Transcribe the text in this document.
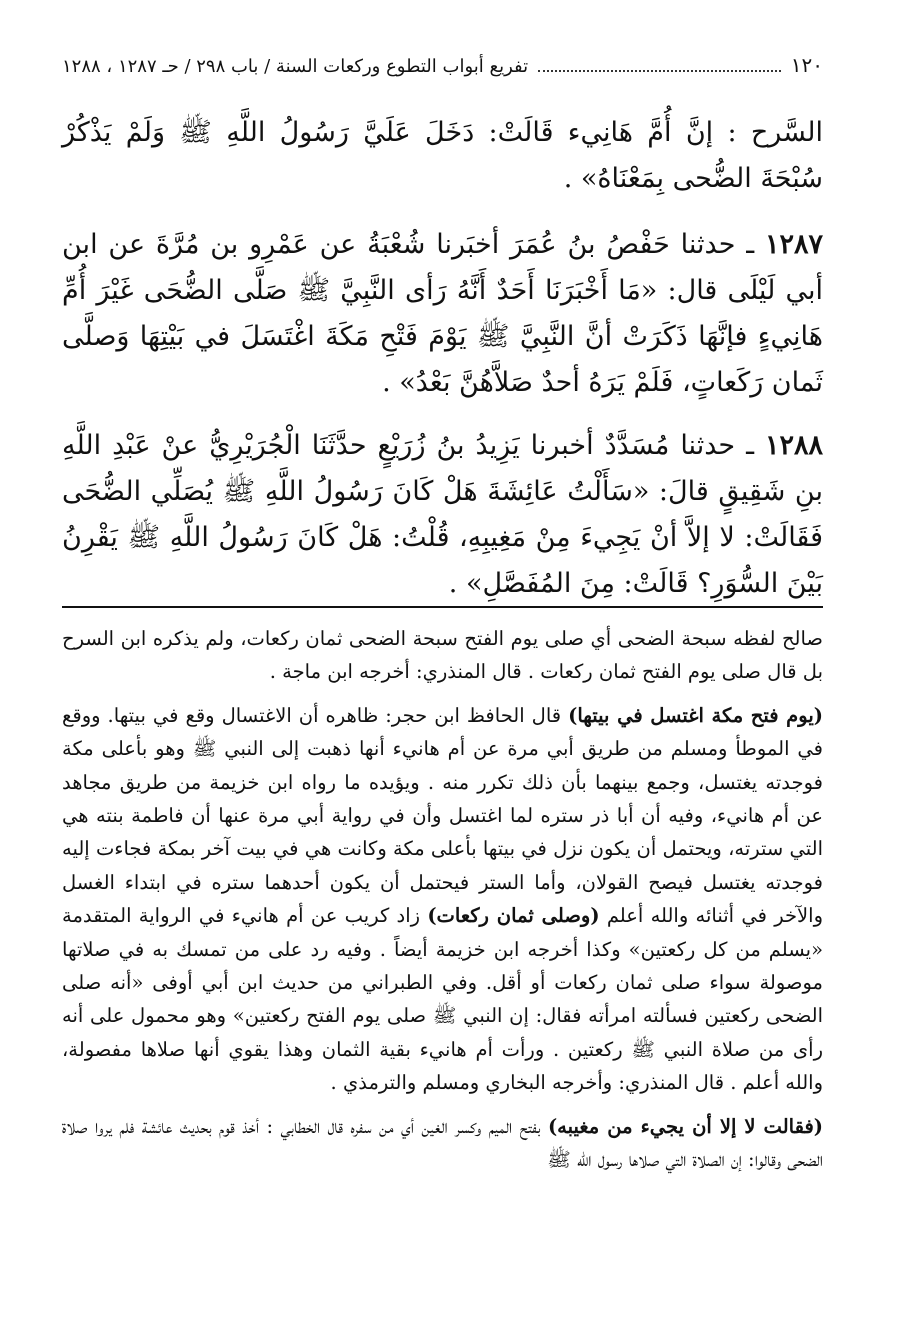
١٢٠
تفريع أبواب التطوع وركعات السنة / باب ٢٩٨ / حـ ١٢٨٧ ، ١٢٨٨
السَّرح : إنَّ أُمَّ هَانِيء قَالَتْ: دَخَلَ عَلَيَّ رَسُولُ اللَّهِ ﷺ وَلَمْ يَذْكُرْ سُبْحَةَ الضُّحى بِمَعْنَاهُ» .
١٢٨٧ ـ حدثنا حَفْصُ بنُ عُمَرَ أخبَرنا شُعْبَةُ عن عَمْرِو بن مُرَّةَ عن ابن أبي لَيْلَى قال: «مَا أَخْبَرَنَا أَحَدٌ أَنَّهُ رَأى النَّبِيَّ ﷺ صَلَّى الضُّحَى غَيْرَ أُمِّ هَانِيءٍ فإنَّهَا ذَكَرَتْ أنَّ النَّبِيَّ ﷺ يَوْمَ فَتْحِ مَكَةَ اغْتَسَلَ في بَيْتِهَا وَصلَّى ثَمان رَكَعاتٍ، فَلَمْ يَرَهُ أحدٌ صَلاَّهُنَّ بَعْدُ» .
١٢٨٨ ـ حدثنا مُسَدَّدٌ أخبرنا يَزِيدُ بنُ زُرَيْعٍ حدَّثَنَا الْجُرَيْرِيُّ عنْ عَبْدِ اللَّهِ بنِ شَقِيقٍ قالَ: «سَأَلْتُ عَائِشَةَ هَلْ كَانَ رَسُولُ اللَّهِ ﷺ يُصَلِّي الضُّحَى فَقَالَتْ: لا إلاَّ أنْ يَجِيءَ مِنْ مَغِيبِهِ، قُلْتُ: هَلْ كَانَ رَسُولُ اللَّهِ ﷺ يَقْرِنُ بَيْنَ السُّوَرِ؟ قَالَتْ: مِنَ المُفَصَّلِ» .

صالح لفظه سبحة الضحى أي صلى يوم الفتح سبحة الضحى ثمان ركعات، ولم يذكره ابن السرح بل قال صلى يوم الفتح ثمان ركعات . قال المنذري: أخرجه ابن ماجة .

(يوم فتح مكة اغتسل في بيتها) قال الحافظ ابن حجر: ظاهره أن الاغتسال وقع في بيتها. ووقع في الموطأ ومسلم من طريق أبي مرة عن أم هانيء أنها ذهبت إلى النبي ﷺ وهو بأعلى مكة فوجدته يغتسل، وجمع بينهما بأن ذلك تكرر منه . ويؤيده ما رواه ابن خزيمة من طريق مجاهد عن أم هانيء، وفيه أن أبا ذر ستره لما اغتسل وأن في رواية أبي مرة عنها أن فاطمة بنته هي التي سترته، ويحتمل أن يكون نزل في بيتها بأعلى مكة وكانت هي في بيت آخر بمكة فجاءت إليه فوجدته يغتسل فيصح القولان، وأما الستر فيحتمل أن يكون أحدهما ستره في ابتداء الغسل والآخر في أثنائه والله أعلم (وصلى ثمان ركعات) زاد كريب عن أم هانيء في الرواية المتقدمة «يسلم من كل ركعتين» وكذا أخرجه ابن خزيمة أيضاً . وفيه رد على من تمسك به في صلاتها موصولة سواء صلى ثمان ركعات أو أقل. وفي الطبراني من حديث ابن أبي أوفى «أنه صلى الضحى ركعتين فسألته امرأته فقال: إن النبي ﷺ صلى يوم الفتح ركعتين» وهو محمول على أنه رأى من صلاة النبي ﷺ ركعتين . ورأت أم هانيء بقية الثمان وهذا يقوي أنها صلاها مفصولة، والله أعلم . قال المنذري: وأخرجه البخاري ومسلم والترمذي .

(فقالت لا إلا أن يجيء من مغيبه) بفتح الميم وكسر الغين أي من سفره قال الخطابي : أخذ قوم بحديث عائشة فلم يروا صلاة الضحى وقالوا: إن الصلاة التي صلاها رسول الله ﷺ
